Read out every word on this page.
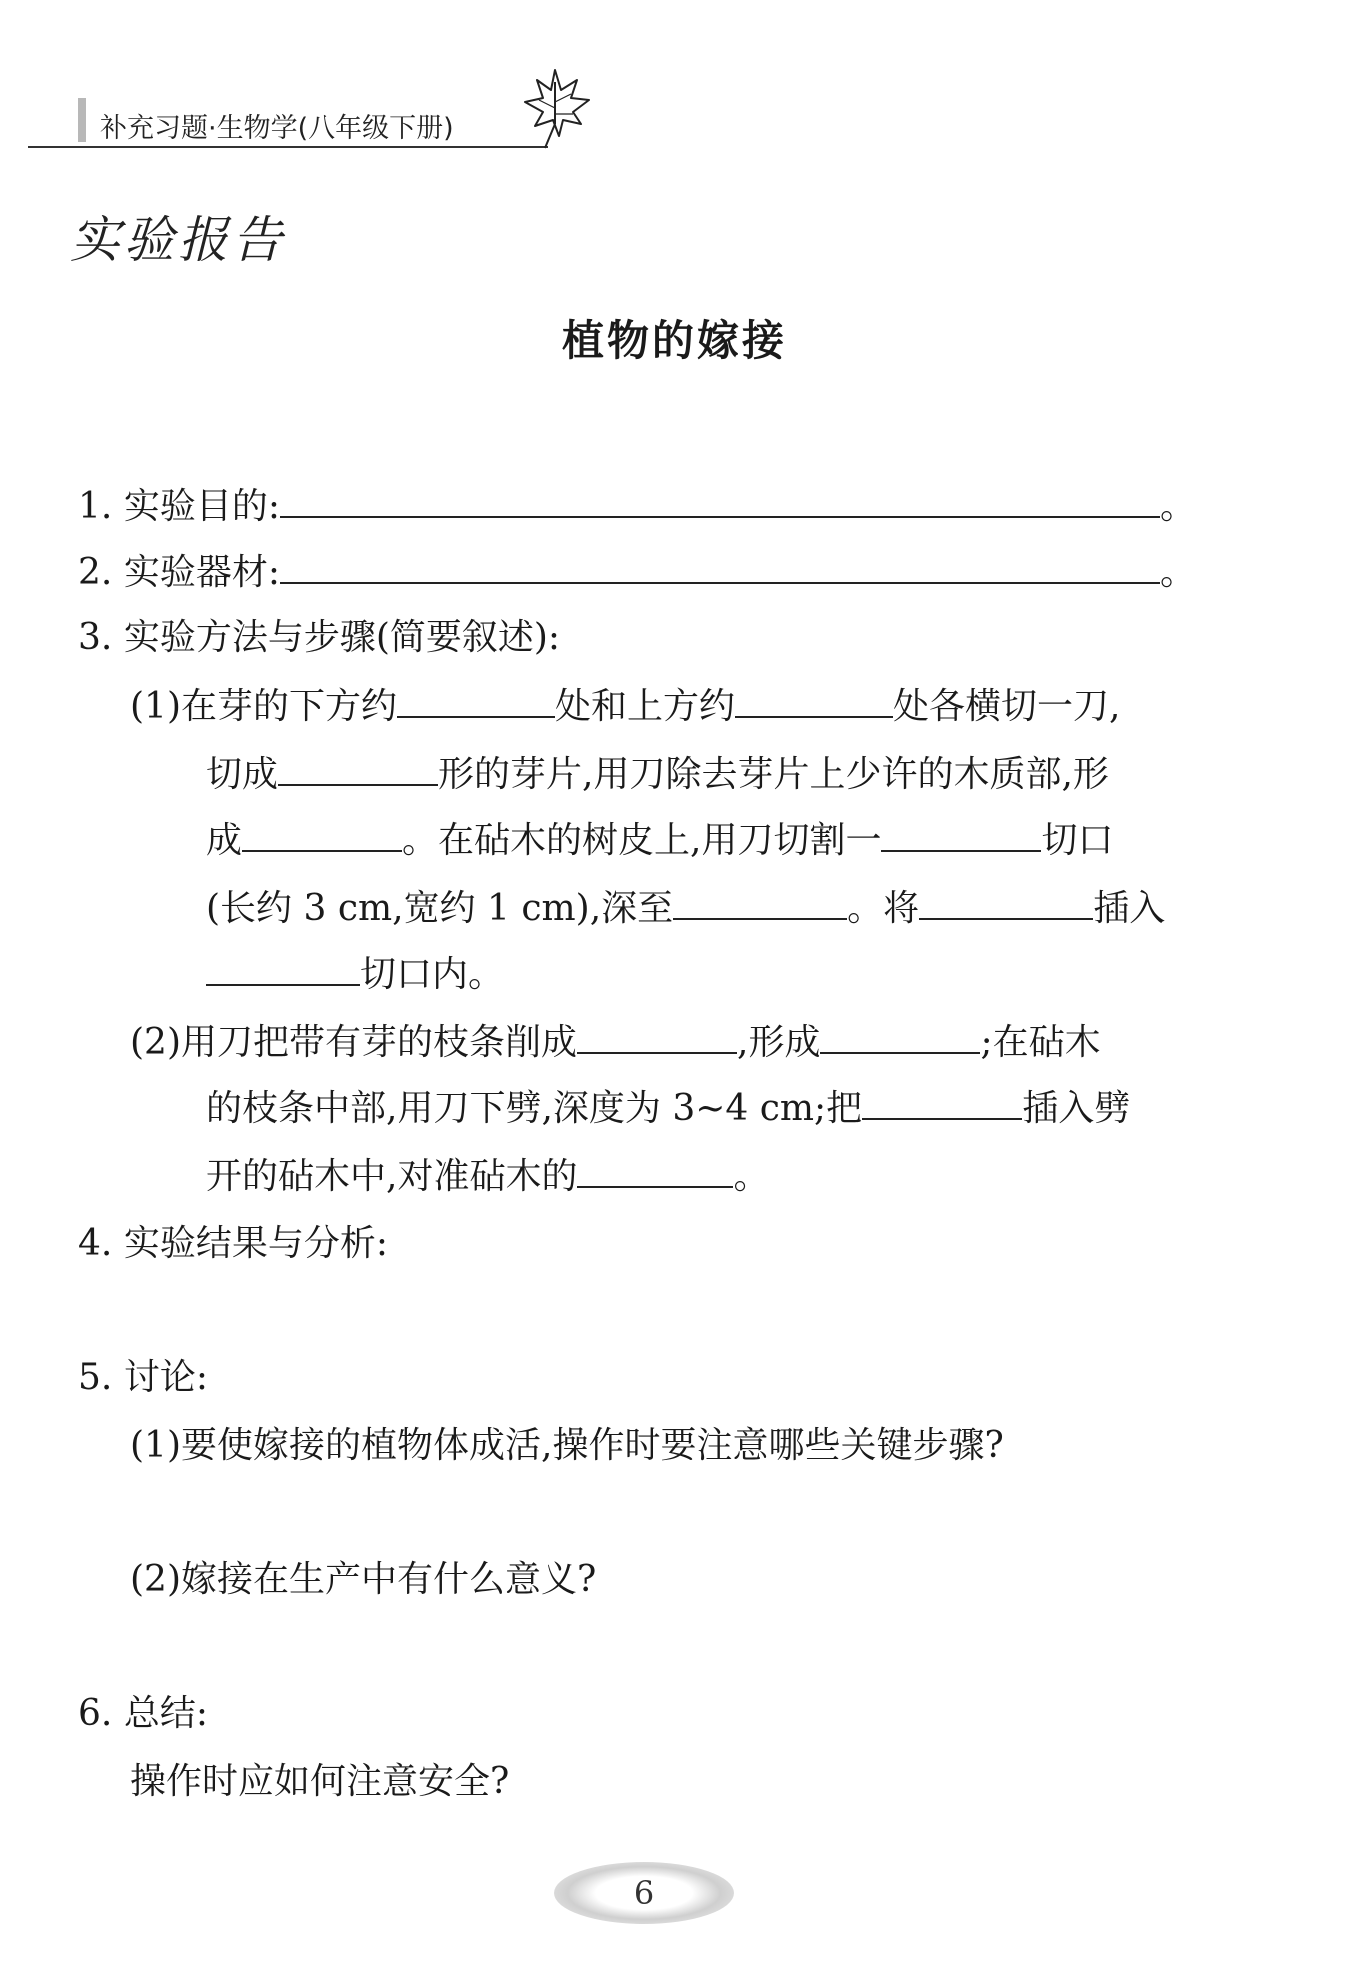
补充习题·生物学(八年级下册)
实验报告
植物的嫁接
1. 实验目的:	。
2. 实验器材:	。
3. 实验方法与步骤(简要叙述):
(1)在芽的下方约	处和上方约	处各横切一刀,
切成	形的芽片,用刀除去芽片上少许的木质部,形
成	。在砧木的树皮上,用刀切割一	切口
(长约 3 cm,宽约 1 cm),深至	。将	插入
切口内。
(2)用刀把带有芽的枝条削成	,形成	;在砧木
的枝条中部,用刀下劈,深度为 3~4 cm;把	插入劈
开的砧木中,对准砧木的	。
4. 实验结果与分析:
5. 讨论:
(1)要使嫁接的植物体成活,操作时要注意哪些关键步骤?
(2)嫁接在生产中有什么意义?
6. 总结:
操作时应如何注意安全?
6
